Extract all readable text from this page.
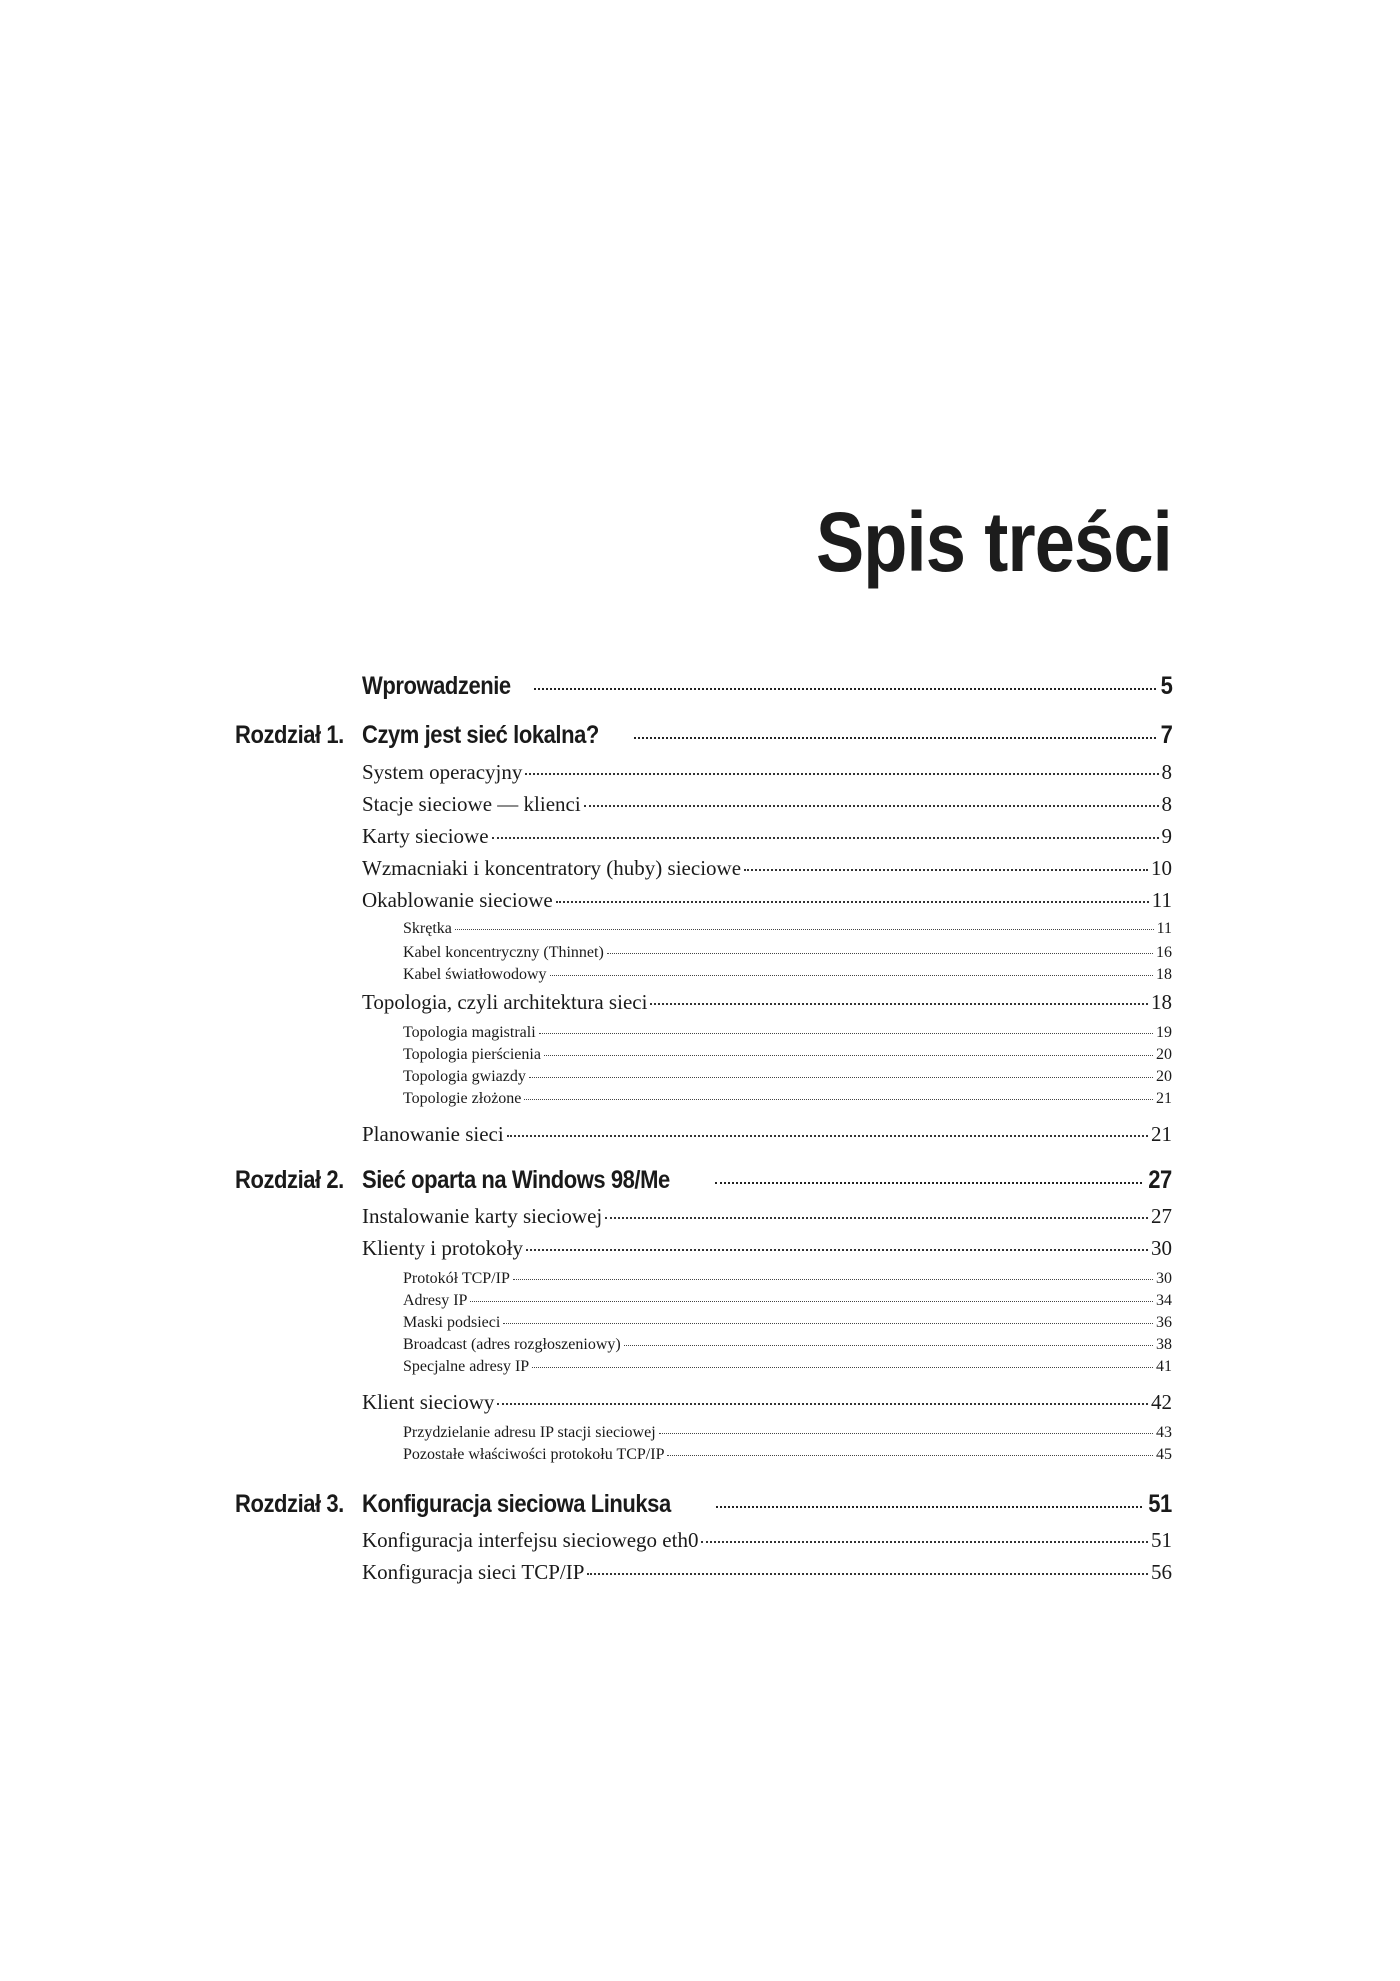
Spis treści
Wprowadzenie	5
Rozdział 1. Czym jest sieć lokalna?	7
System operacyjny	8
Stacje sieciowe — klienci	8
Karty sieciowe	9
Wzmacniaki i koncentratory (huby) sieciowe	10
Okablowanie sieciowe	11
Skrętka	11
Kabel koncentryczny (Thinnet)	16
Kabel światłowodowy	18
Topologia, czyli architektura sieci	18
Topologia magistrali	19
Topologia pierścienia	20
Topologia gwiazdy	20
Topologie złożone	21
Planowanie sieci	21
Rozdział 2. Sieć oparta na Windows 98/Me	27
Instalowanie karty sieciowej	27
Klienty i protokoły	30
Protokół TCP/IP	30
Adresy IP	34
Maski podsieci	36
Broadcast (adres rozgłoszeniowy)	38
Specjalne adresy IP	41
Klient sieciowy	42
Przydzielanie adresu IP stacji sieciowej	43
Pozostałe właściwości protokołu TCP/IP	45
Rozdział 3. Konfiguracja sieciowa Linuksa	51
Konfiguracja interfejsu sieciowego eth0	51
Konfiguracja sieci TCP/IP	56
